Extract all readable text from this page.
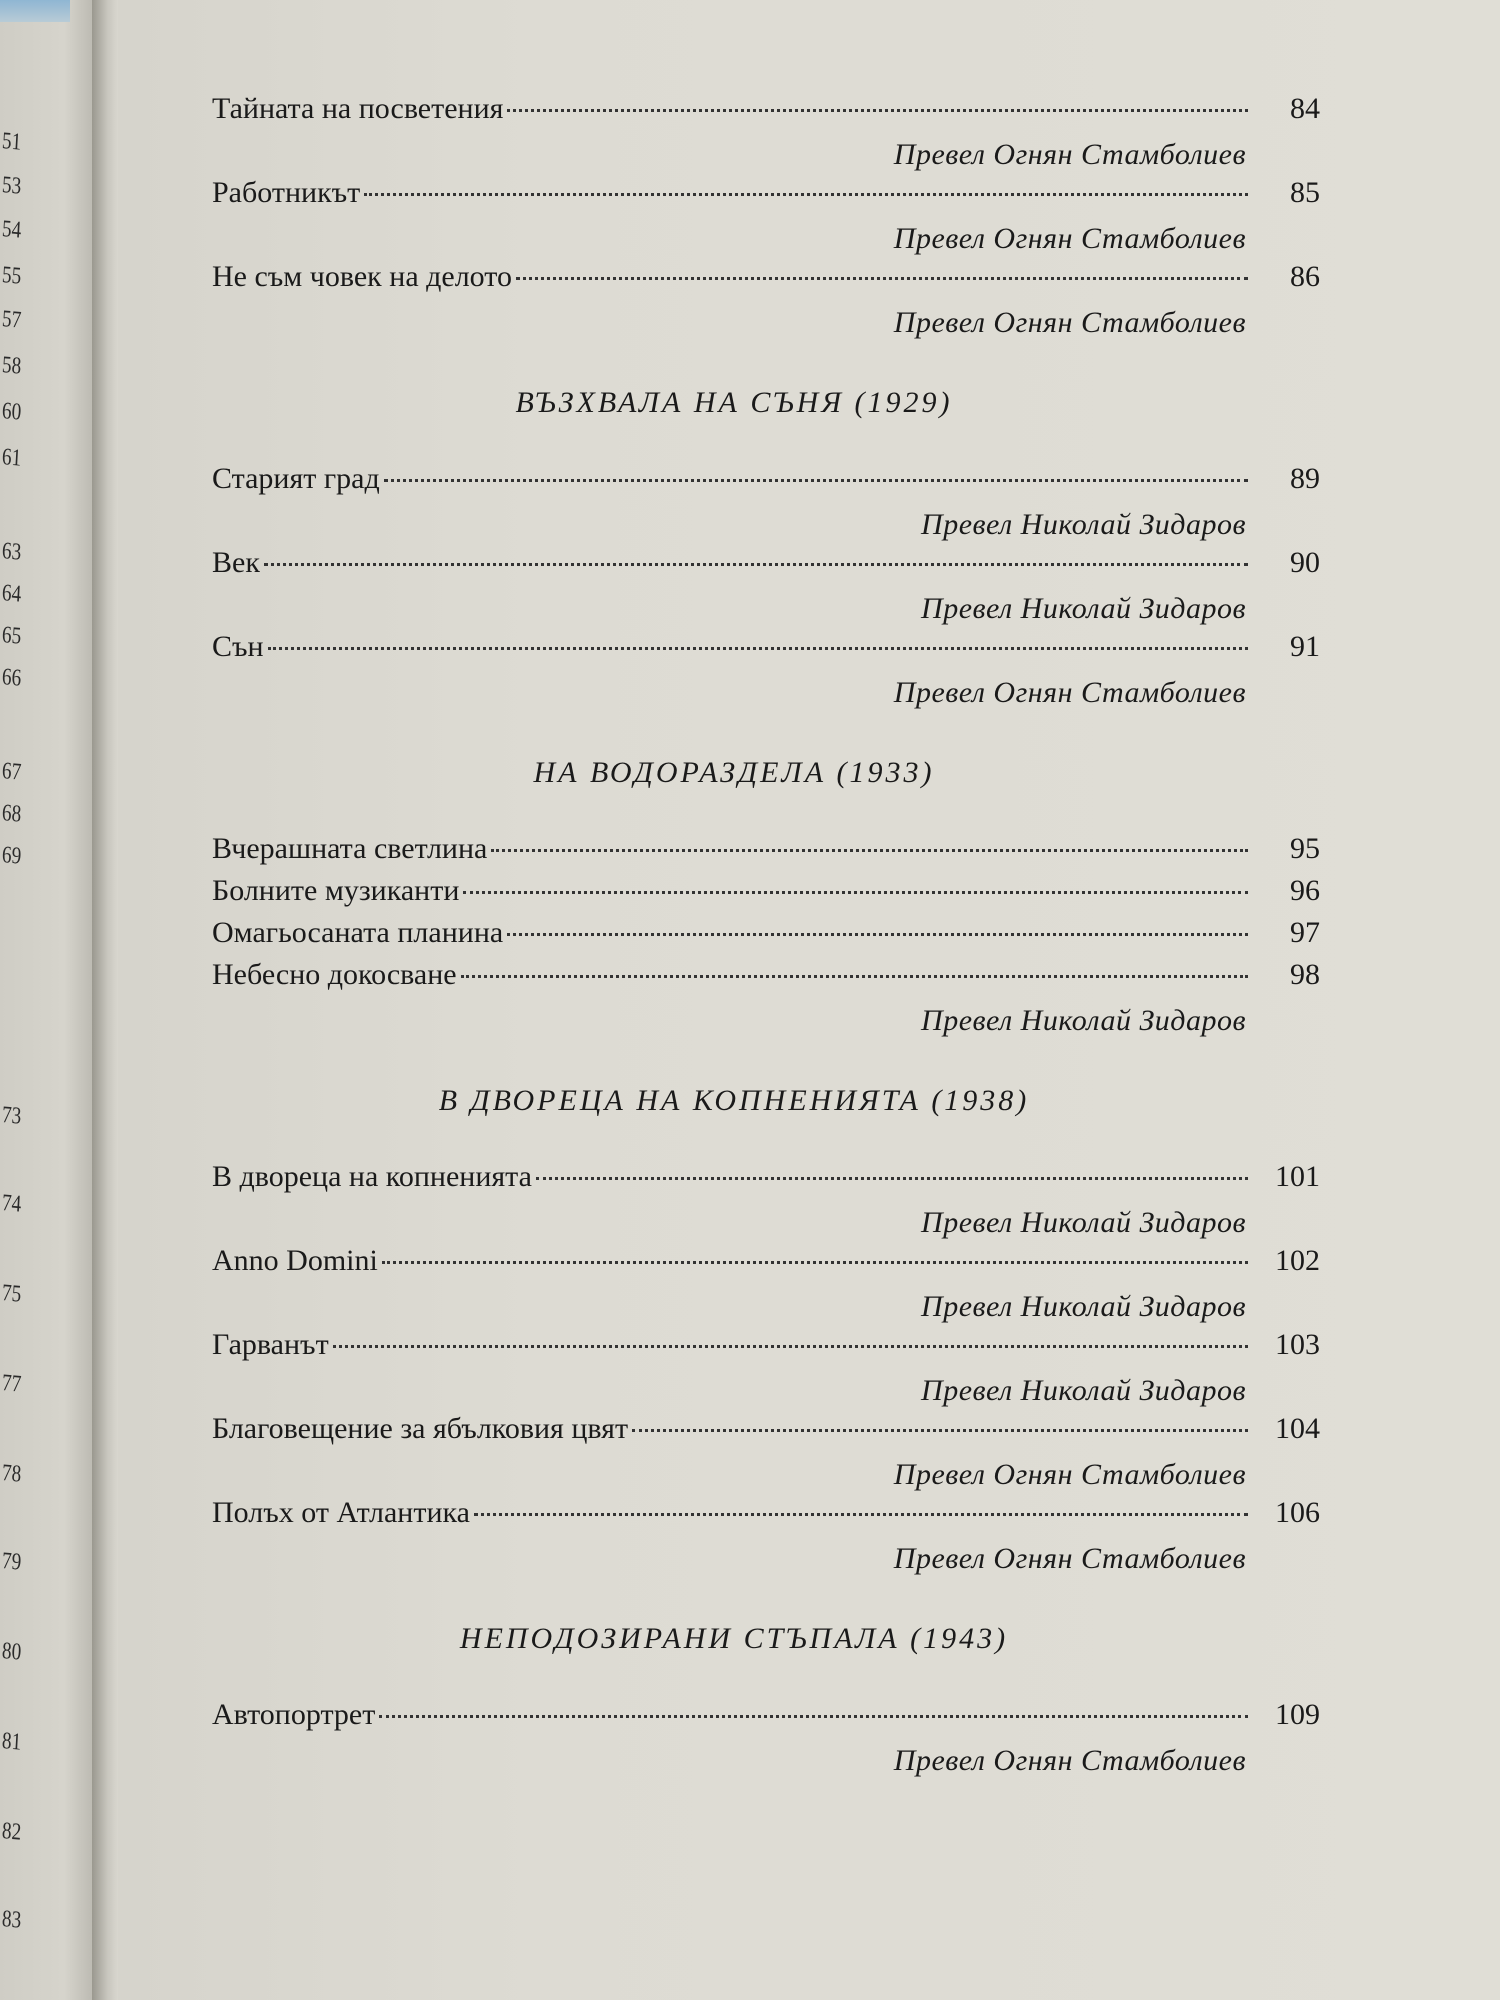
51
53
54
55
57
58
60
61
63
64
65
66
67
68
69
73
74
75
77
78
79
80
81
82
83
Тайната на посветения	84
Превел Огнян Стамболиев
Работникът	85
Превел Огнян Стамболиев
Не съм човек на делото	86
Превел Огнян Стамболиев
ВЪЗХВАЛА НА СЪНЯ (1929)
Старият град	89
Превел Николай Зидаров
Век	90
Превел Николай Зидаров
Сън	91
Превел Огнян Стамболиев
НА ВОДОРАЗДЕЛА (1933)
Вчерашната светлина	95
Болните музиканти	96
Омагьосаната планина	97
Небесно докосване	98
Превел Николай Зидаров
В ДВОРЕЦА НА КОПНЕНИЯТА (1938)
В двореца на копненията	101
Превел Николай Зидаров
Anno Domini	102
Превел Николай Зидаров
Гарванът	103
Превел Николай Зидаров
Благовещение за ябълковия цвят	104
Превел Огнян Стамболиев
Полъх от Атлантика	106
Превел Огнян Стамболиев
НЕПОДОЗИРАНИ СТЪПАЛА (1943)
Автопортрет	109
Превел Огнян Стамболиев
